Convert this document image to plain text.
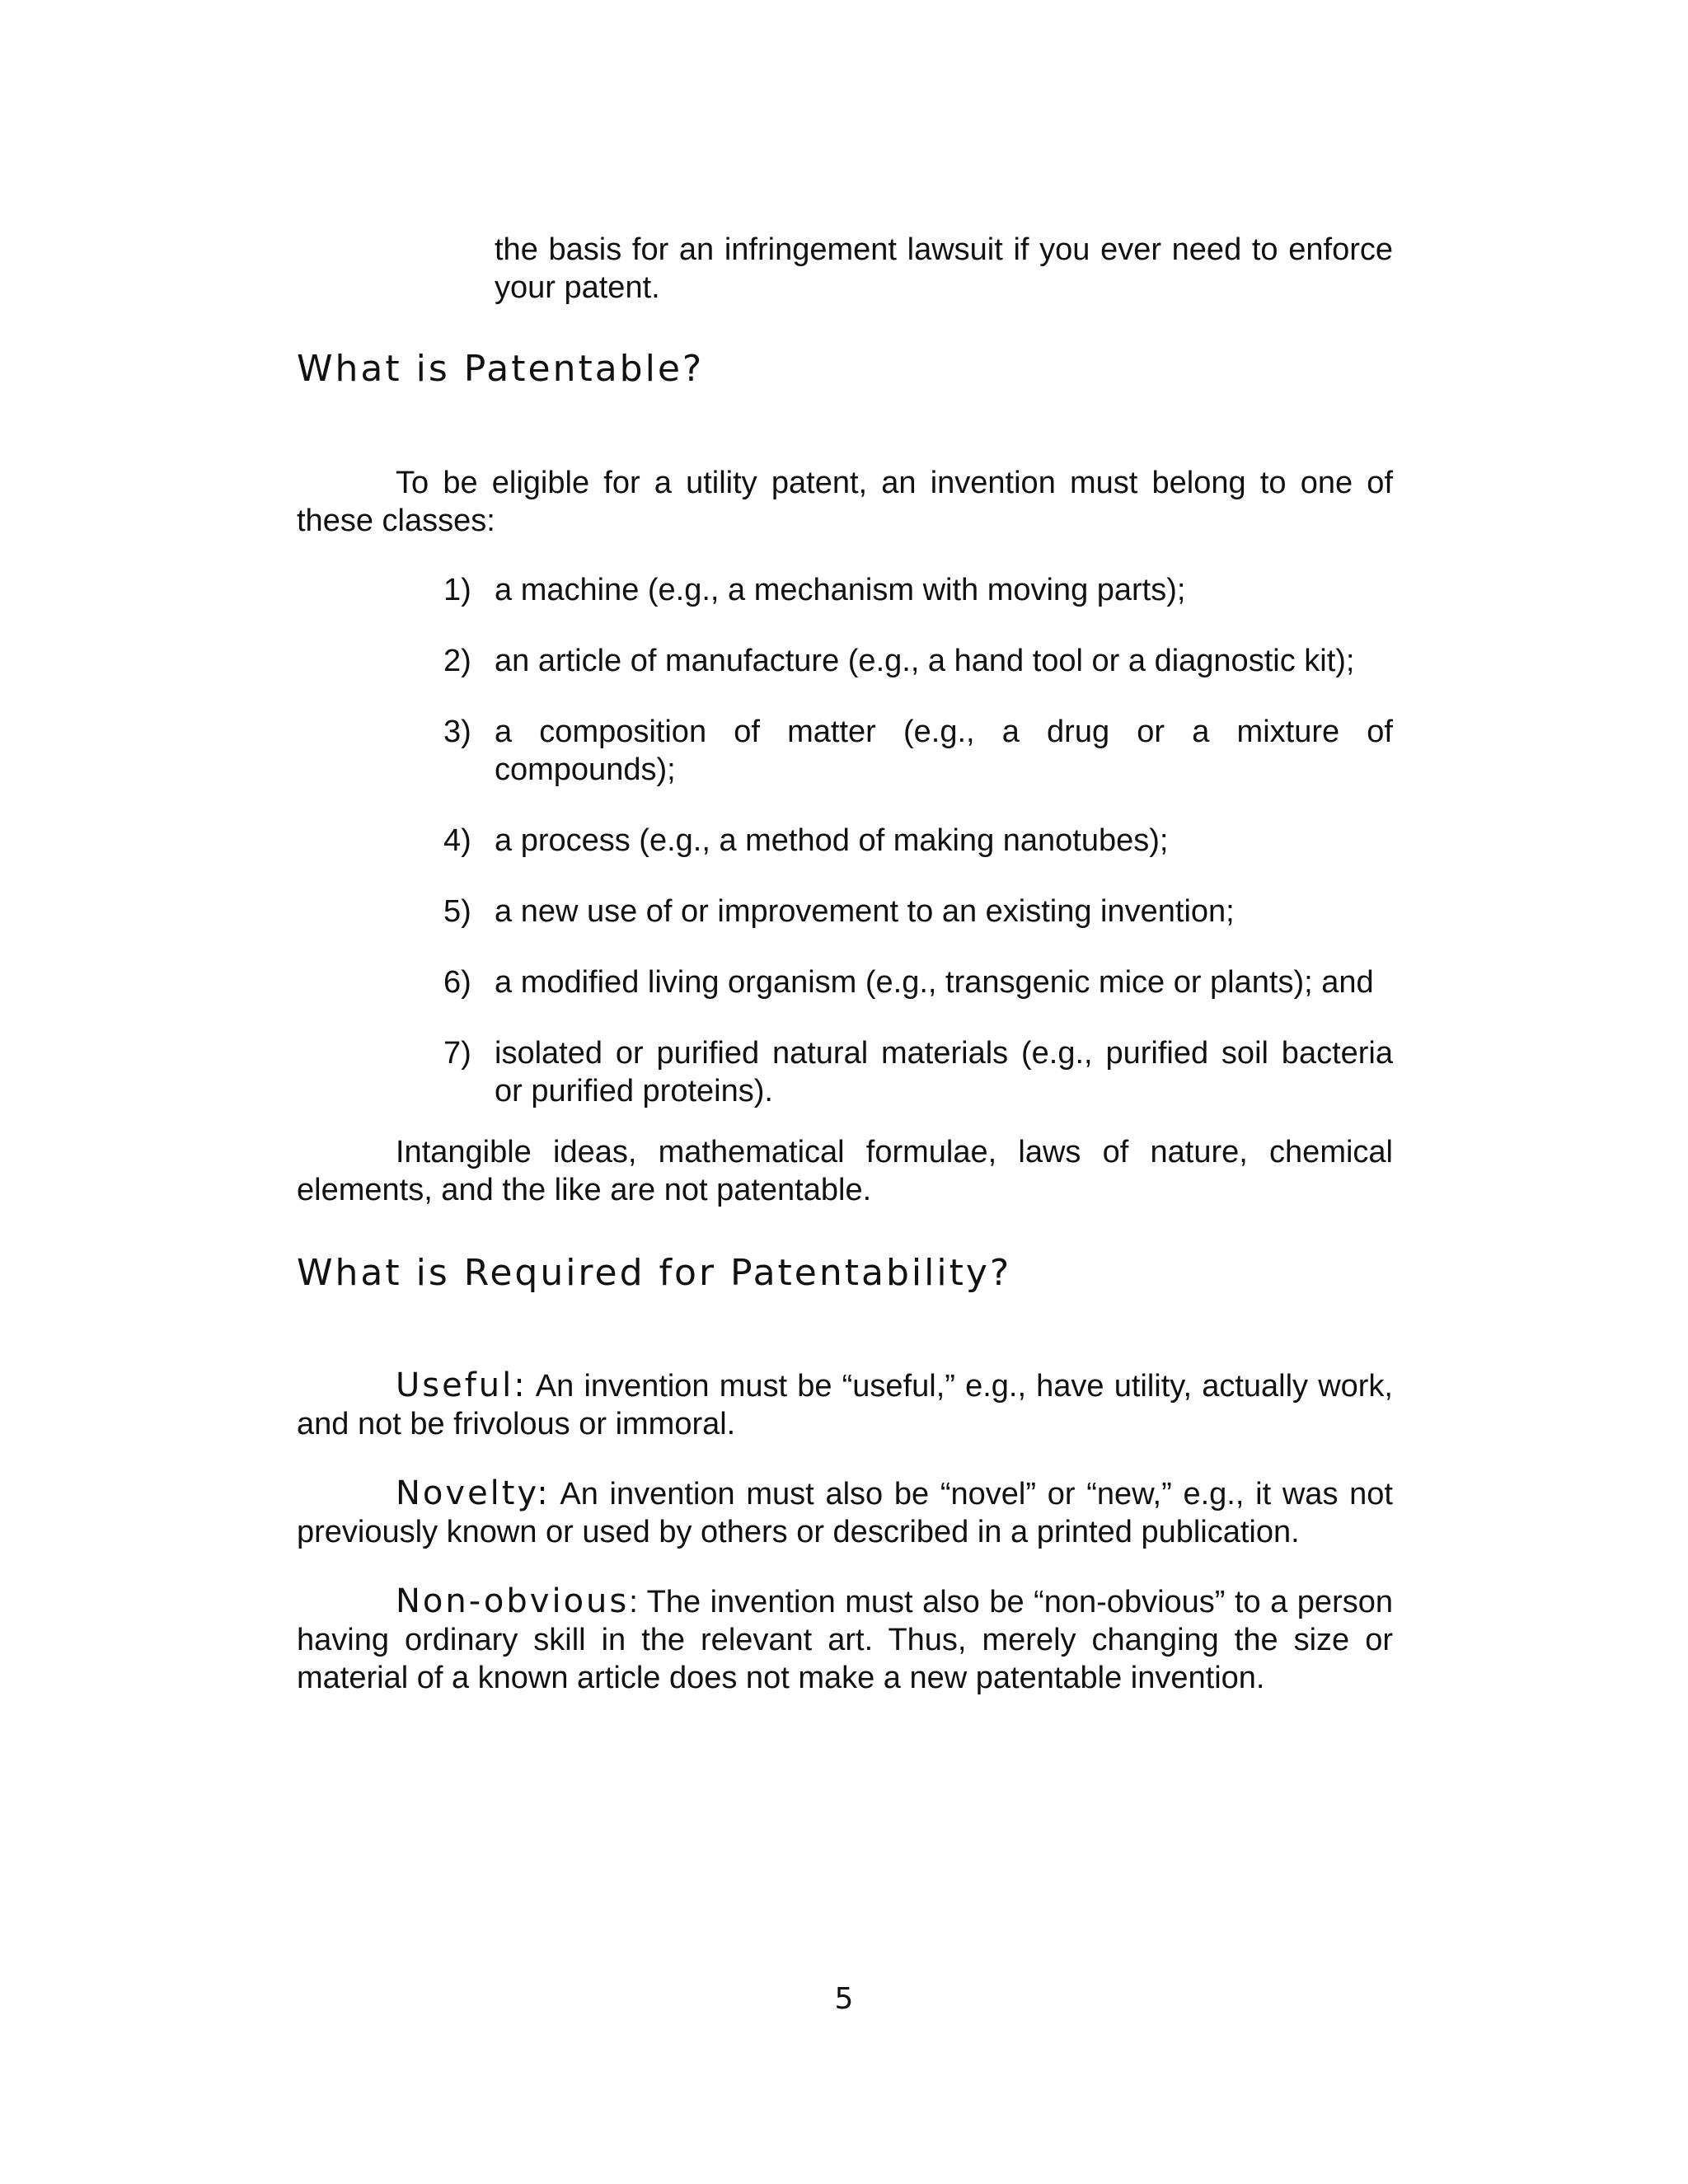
the basis for an infringement lawsuit if you ever need to enforce your patent.

What is Patentable?

To be eligible for a utility patent, an invention must belong to one of these classes:

1) a machine (e.g., a mechanism with moving parts);
2) an article of manufacture (e.g., a hand tool or a diagnostic kit);
3) a composition of matter (e.g., a drug or a mixture of compounds);
4) a process (e.g., a method of making nanotubes);
5) a new use of or improvement to an existing invention;
6) a modified living organism (e.g., transgenic mice or plants); and
7) isolated or purified natural materials (e.g., purified soil bacteria or purified proteins).

Intangible ideas, mathematical formulae, laws of nature, chemical elements, and the like are not patentable.

What is Required for Patentability?

Useful: An invention must be “useful,” e.g., have utility, actually work, and not be frivolous or immoral.

Novelty: An invention must also be “novel” or “new,” e.g., it was not previously known or used by others or described in a printed publication.

Non-obvious: The invention must also be “non-obvious” to a person having ordinary skill in the relevant art. Thus, merely changing the size or material of a known article does not make a new patentable invention.

5
